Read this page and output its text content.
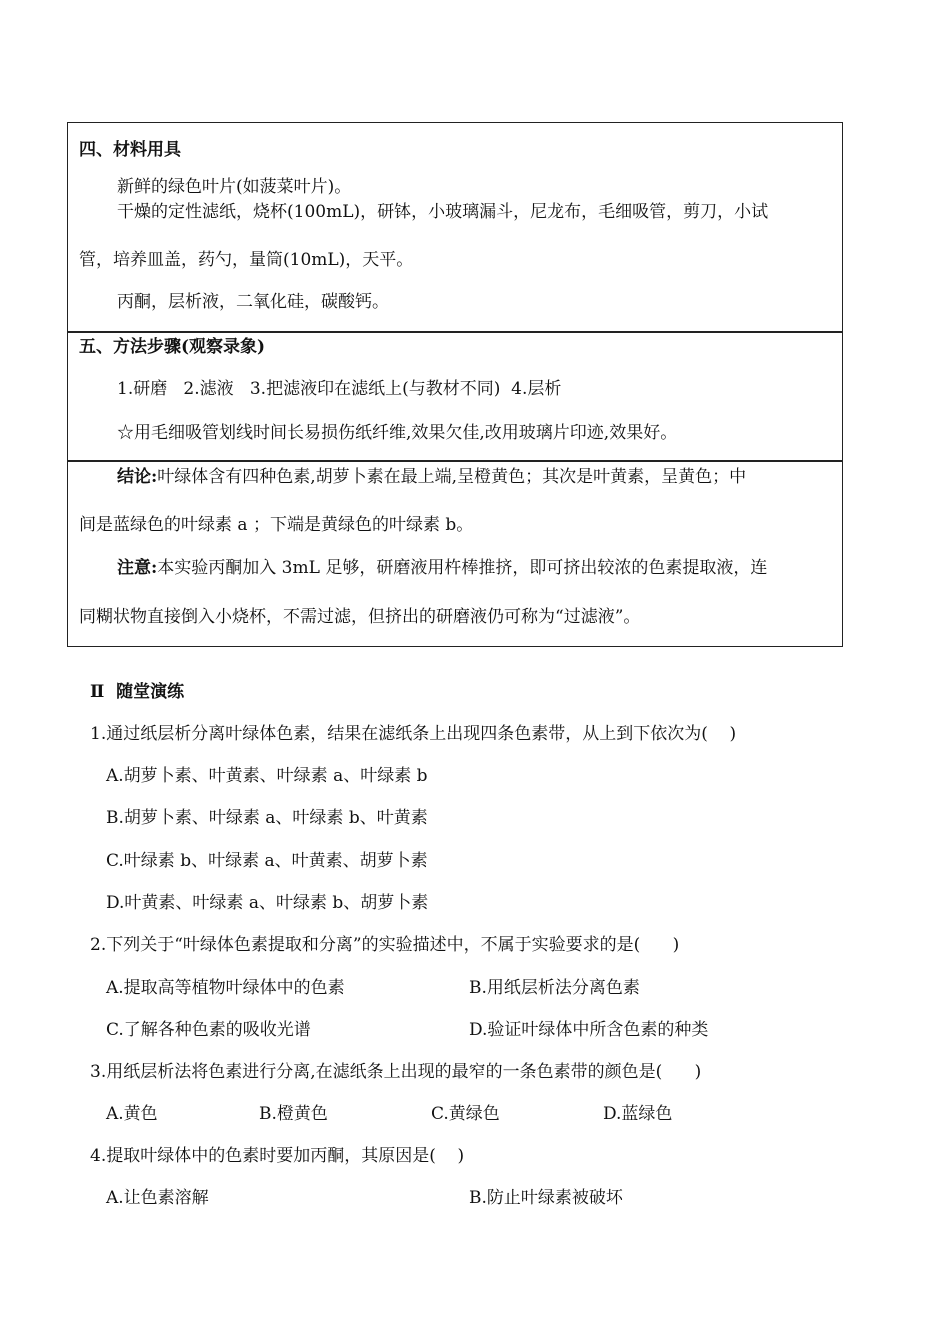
四、材料用具
新鲜的绿色叶片(如菠菜叶片)。
干燥的定性滤纸，烧杯(100mL)，研钵，小玻璃漏斗，尼龙布，毛细吸管，剪刀，小试
管，培养皿盖，药勺，量筒(10mL)，天平。
丙酮，层析液，二氧化硅，碳酸钙。
五、方法步骤(观察录象)
1.研磨   2.滤液   3.把滤液印在滤纸上(与教材不同)  4.层析
☆用毛细吸管划线时间长易损伤纸纤维,效果欠佳,改用玻璃片印迹,效果好。
结论:叶绿体含有四种色素,胡萝卜素在最上端,呈橙黄色；其次是叶黄素，呈黄色；中
间是蓝绿色的叶绿素 a ；下端是黄绿色的叶绿素 b。
注意:本实验丙酮加入 3mL 足够，研磨液用杵棒推挤，即可挤出较浓的色素提取液，连
同糊状物直接倒入小烧杯，不需过滤，但挤出的研磨液仍可称为“过滤液”。
Ⅱ  随堂演练
1.通过纸层析分离叶绿体色素，结果在滤纸条上出现四条色素带，从上到下依次为(    )
A.胡萝卜素、叶黄素、叶绿素 a、叶绿素 b
B.胡萝卜素、叶绿素 a、叶绿素 b、叶黄素
C.叶绿素 b、叶绿素 a、叶黄素、胡萝卜素
D.叶黄素、叶绿素 a、叶绿素 b、胡萝卜素
2.下列关于“叶绿体色素提取和分离”的实验描述中，不属于实验要求的是(      )
A.提取高等植物叶绿体中的色素	B.用纸层析法分离色素
C.了解各种色素的吸收光谱	D.验证叶绿体中所含色素的种类
3.用纸层析法将色素进行分离,在滤纸条上出现的最窄的一条色素带的颜色是(      )
A.黄色	B.橙黄色	C.黄绿色	D.蓝绿色
4.提取叶绿体中的色素时要加丙酮，其原因是(    )
A.让色素溶解	B.防止叶绿素被破坏
